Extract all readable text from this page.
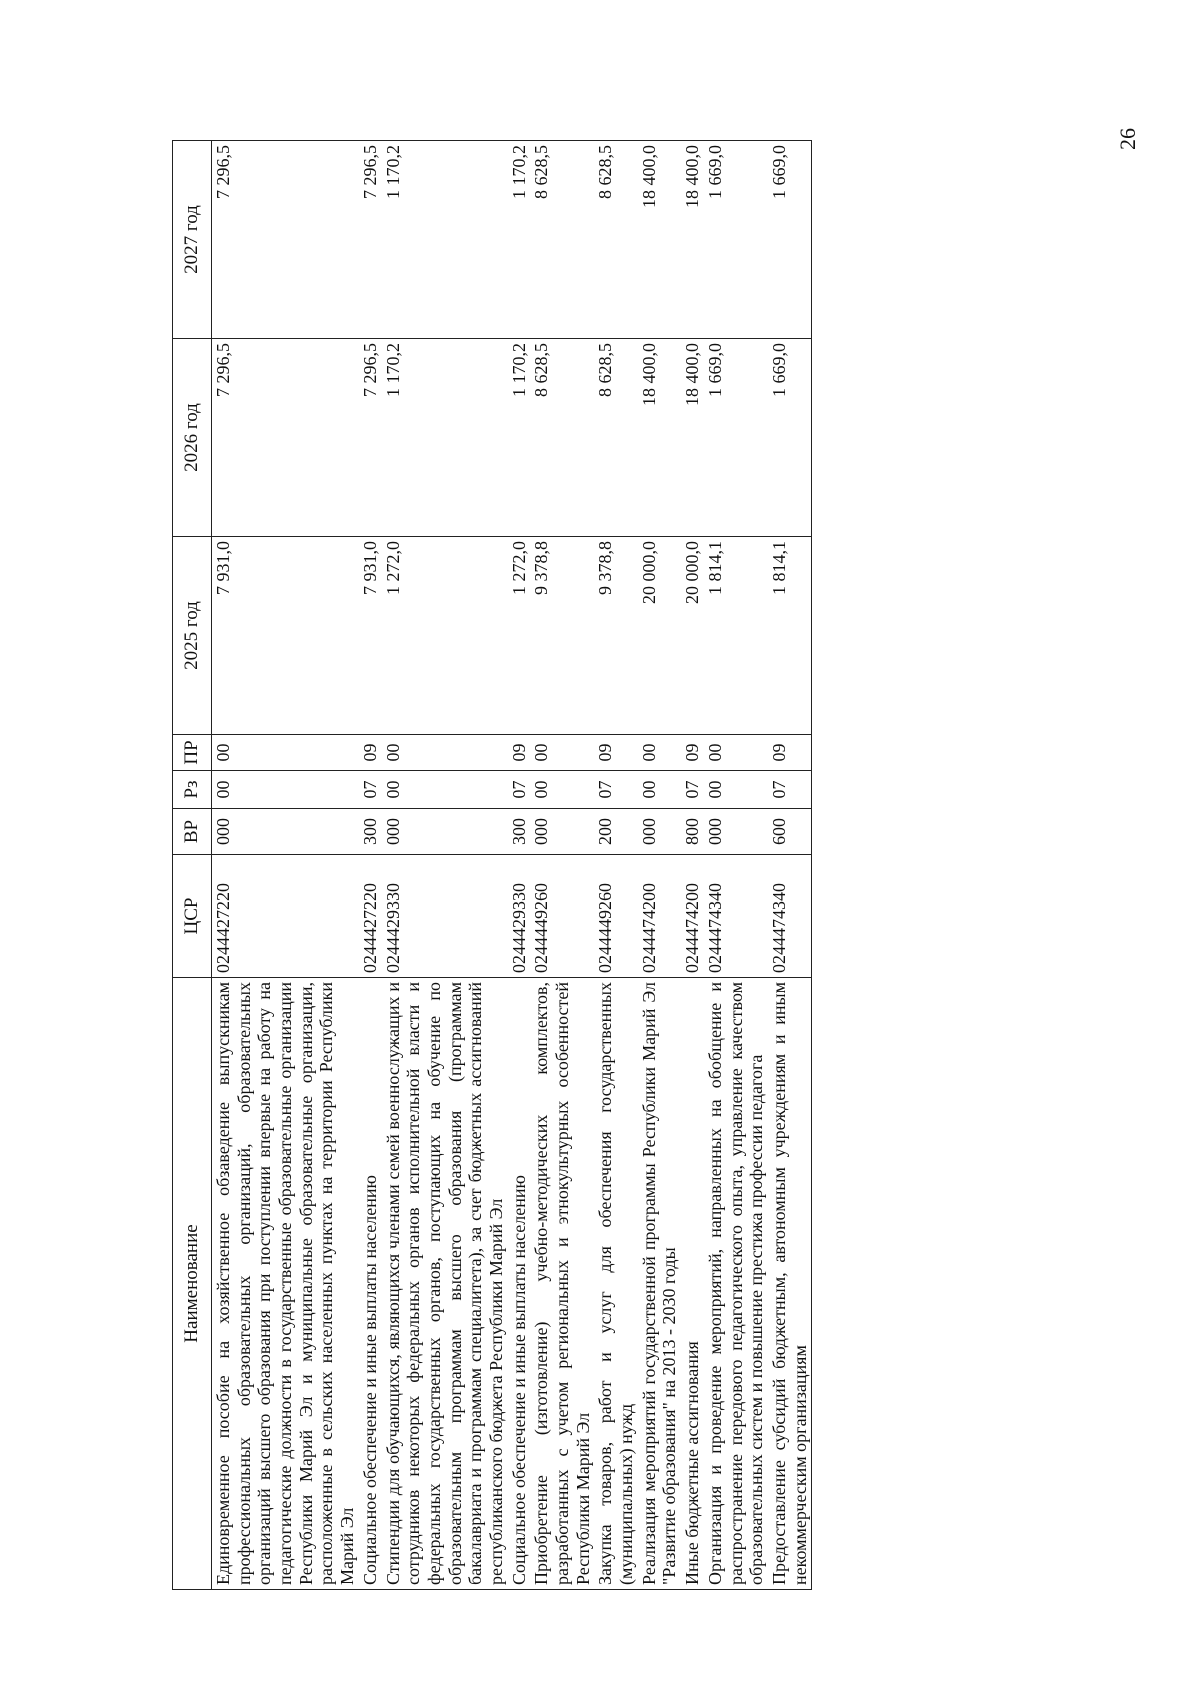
26
Наименование	ЦСР	ВР	Рз	ПР	2025 год	2026 год	2027 год
Единовременное пособие на хозяйственное обзаведение выпускникам профессиональных образовательных организаций, образовательных организаций высшего образования при поступлении впервые на работу на педагогические должности в государственные образовательные организации Республики Марий Эл и муниципальные образовательные организации, расположенные в сельских населенных пунктах на территории Республики Марий Эл	0244427220	000	00	00	7 931,0	7 296,5	7 296,5
Социальное обеспечение и иные выплаты населению	0244427220	300	07	09	7 931,0	7 296,5	7 296,5
Стипендии для обучающихся, являющихся членами семей военнослужащих и сотрудников некоторых федеральных органов исполнительной власти и федеральных государственных органов, поступающих на обучение по образовательным программам высшего образования (программам бакалавриата и программам специалитета), за счет бюджетных ассигнований республиканского бюджета Республики Марий Эл	0244429330	000	00	00	1 272,0	1 170,2	1 170,2
Социальное обеспечение и иные выплаты населению	0244429330	300	07	09	1 272,0	1 170,2	1 170,2
Приобретение (изготовление) учебно-методических комплектов, разработанных с учетом региональных и этнокультурных особенностей Республики Марий Эл	0244449260	000	00	00	9 378,8	8 628,5	8 628,5
Закупка товаров, работ и услуг для обеспечения государственных (муниципальных) нужд	0244449260	200	07	09	9 378,8	8 628,5	8 628,5
Реализация мероприятий государственной программы Республики Марий Эл "Развитие образования" на 2013 - 2030 годы	0244474200	000	00	00	20 000,0	18 400,0	18 400,0
Иные бюджетные ассигнования	0244474200	800	07	09	20 000,0	18 400,0	18 400,0
Организация и проведение мероприятий, направленных на обобщение и распространение передового педагогического опыта, управление качеством образовательных систем и повышение престижа профессии педагога	0244474340	000	00	00	1 814,1	1 669,0	1 669,0
Предоставление субсидий бюджетным, автономным учреждениям и иным некоммерческим организациям	0244474340	600	07	09	1 814,1	1 669,0	1 669,0
